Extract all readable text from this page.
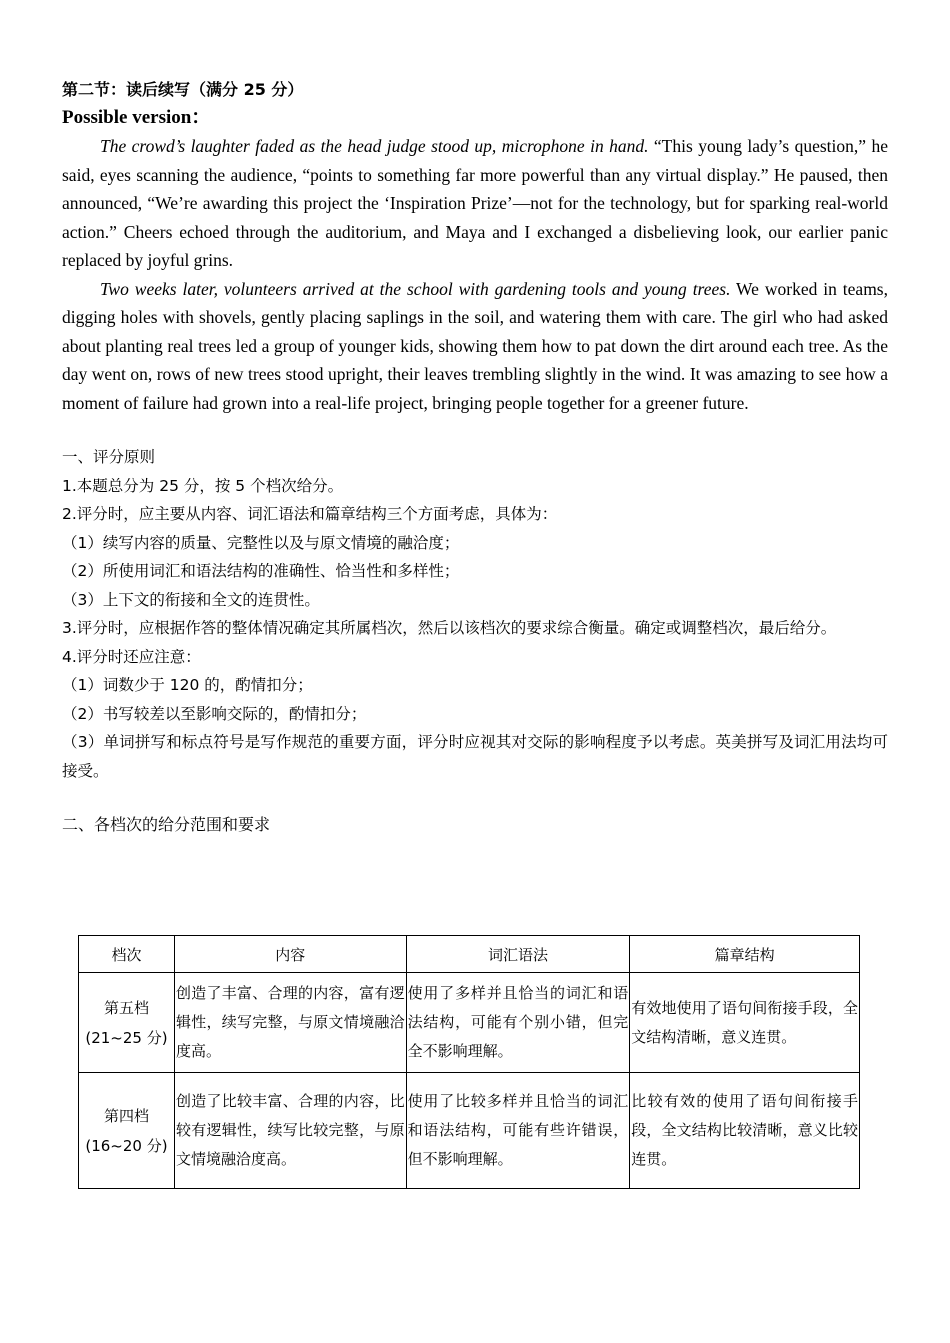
第二节：读后续写（满分 25 分）

Possible version：

The crowd’s laughter faded as the head judge stood up, microphone in hand. “This young lady’s question,” he said, eyes scanning the audience, “points to something far more powerful than any virtual display.” He paused, then announced, “We’re awarding this project the ‘Inspiration Prize’—not for the technology, but for sparking real-world action.” Cheers echoed through the auditorium, and Maya and I exchanged a disbelieving look, our earlier panic replaced by joyful grins.

Two weeks later, volunteers arrived at the school with gardening tools and young trees. We worked in teams, digging holes with shovels, gently placing saplings in the soil, and watering them with care. The girl who had asked about planting real trees led a group of younger kids, showing them how to pat down the dirt around each tree. As the day went on, rows of new trees stood upright, their leaves trembling slightly in the wind. It was amazing to see how a moment of failure had grown into a real-life project, bringing people together for a greener future.

一、评分原则

1.本题总分为 25 分，按 5 个档次给分。

2.评分时，应主要从内容、词汇语法和篇章结构三个方面考虑，具体为：

（1）续写内容的质量、完整性以及与原文情境的融洽度；

（2）所使用词汇和语法结构的准确性、恰当性和多样性；

（3）上下文的衔接和全文的连贯性。

3.评分时，应根据作答的整体情况确定其所属档次，然后以该档次的要求综合衡量。确定或调整档次，最后给分。

4.评分时还应注意：

（1）词数少于 120 的，酌情扣分；

（2）书写较差以至影响交际的，酌情扣分；

（3）单词拼写和标点符号是写作规范的重要方面，评分时应视其对交际的影响程度予以考虑。英美拼写及词汇用法均可接受。

二、各档次的给分范围和要求

档次	内容	词汇语法	篇章结构

第五档
(21~25 分)	创造了丰富、合理的内容，富有逻辑性，续写完整，与原文情境融洽度高。	使用了多样并且恰当的词汇和语法结构，可能有个别小错，但完全不影响理解。	有效地使用了语句间衔接手段，全文结构清晰，意义连贯。

第四档
(16~20 分)	创造了比较丰富、合理的内容，比较有逻辑性，续写比较完整，与原文情境融洽度高。	使用了比较多样并且恰当的词汇和语法结构，可能有些许错误，但不影响理解。	比较有效的使用了语句间衔接手段，全文结构比较清晰，意义比较连贯。
